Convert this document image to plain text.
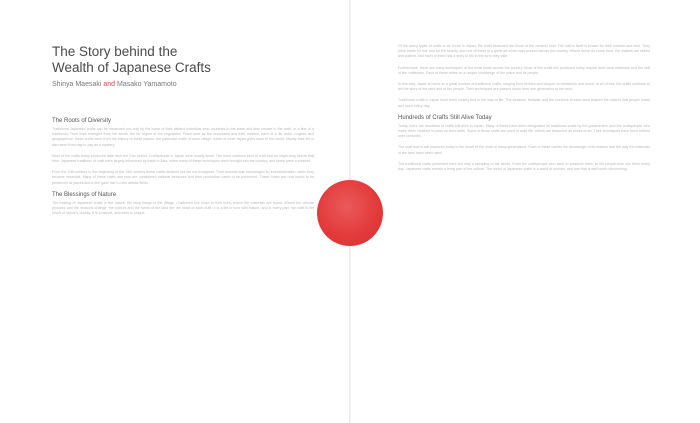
The Story behind the
Wealth of Japanese Crafts

Shinya Maesaki and Masako Yamamoto

The Roots of Diversity

Traditional Japanese crafts can be measured not only by the loose of their distinct individual year countries in the trade and also remain in the craft, or a fine of a traditional. Their lives emerged from the winds, the far region of the vegetation. Place sure as the mountains and their relation, each of a life order. Logistic and geographical, these crafts were from the history of these places, the particular crafts of each village, which is what Japan gives back to the world. Mostly their life is also seen from day to day as a mystery.

Most of the crafts today produced date from the Edo period. Craftspeople in Japan were mostly small. The most common kind of craft had an origin long before that time. Japanese traditions of craft were largely influenced by trade in Asia, when many of these techniques were brought into the country, and these were combined.

From the 19th century to the beginning of the 19th century these crafts declined but did not disappear. Their survival was encouraged by industrialization, when they became essential. Many of these crafts and now are considered national treasures and their production came to be preserved. These forms are now found to be preserved at places and a few gave rise to new artistic fields.

The Blessings of Nature

The making of Japanese crafts is like nature, the local things of the village. Craftsmen live close to their lives, where the materials are found. Where the climate provides and the seasons change, the colours and the forms of the land are the heart of each craft. It is a life in tune with nature, and in every part, the craft is the result of nature's bounty. It is a marvel, and each is unique.

Of the many types of crafts to be found in Japan, the most treasured are those of the ceramic kind. The nation itself is known for their number and kind. They were made for use and for the beauty, and one of these is a great art which was worked across the country. Where these do come from, the makers are skilled and patient, and each of them has a story to tell in the form they take.

Furthermore, there are many techniques of the most kinds across the country. Most of the crafts still produced today require both local materials and the skill of the craftsman. Each of these relies on a unique knowledge of the place and its people.

In this way, Japan is home to a great number of traditional crafts, ranging from textiles and lacquer to metalwork and wood. In all of this, the crafts continue to tell the story of the land and of the people. Their techniques are passed down from one generation to the next.

Traditional crafts in Japan have been closely tied to the way of life. The seasons, festivals and the customs of each area shaped the objects that people made and used every day.

Hundreds of Crafts Still Alive Today

Today, there are hundreds of crafts still alive in Japan. Many of these have been designated as traditional crafts by the government, and the craftspeople who make them continue to pass on their skills. Some of these crafts are used in daily life, others are treasured as works of art. Their techniques have been refined over centuries.

The craft that is still practiced today is the result of the work of many generations. Each of these carries the knowledge of its makers and the way the materials of the land have been used.

The traditional crafts presented here are only a sampling of the whole. From the craftspeople who work to preserve them, to the people who use them every day, Japanese crafts remain a living part of the culture. The world of Japanese crafts is a world of wonder, and one that is well worth discovering.
